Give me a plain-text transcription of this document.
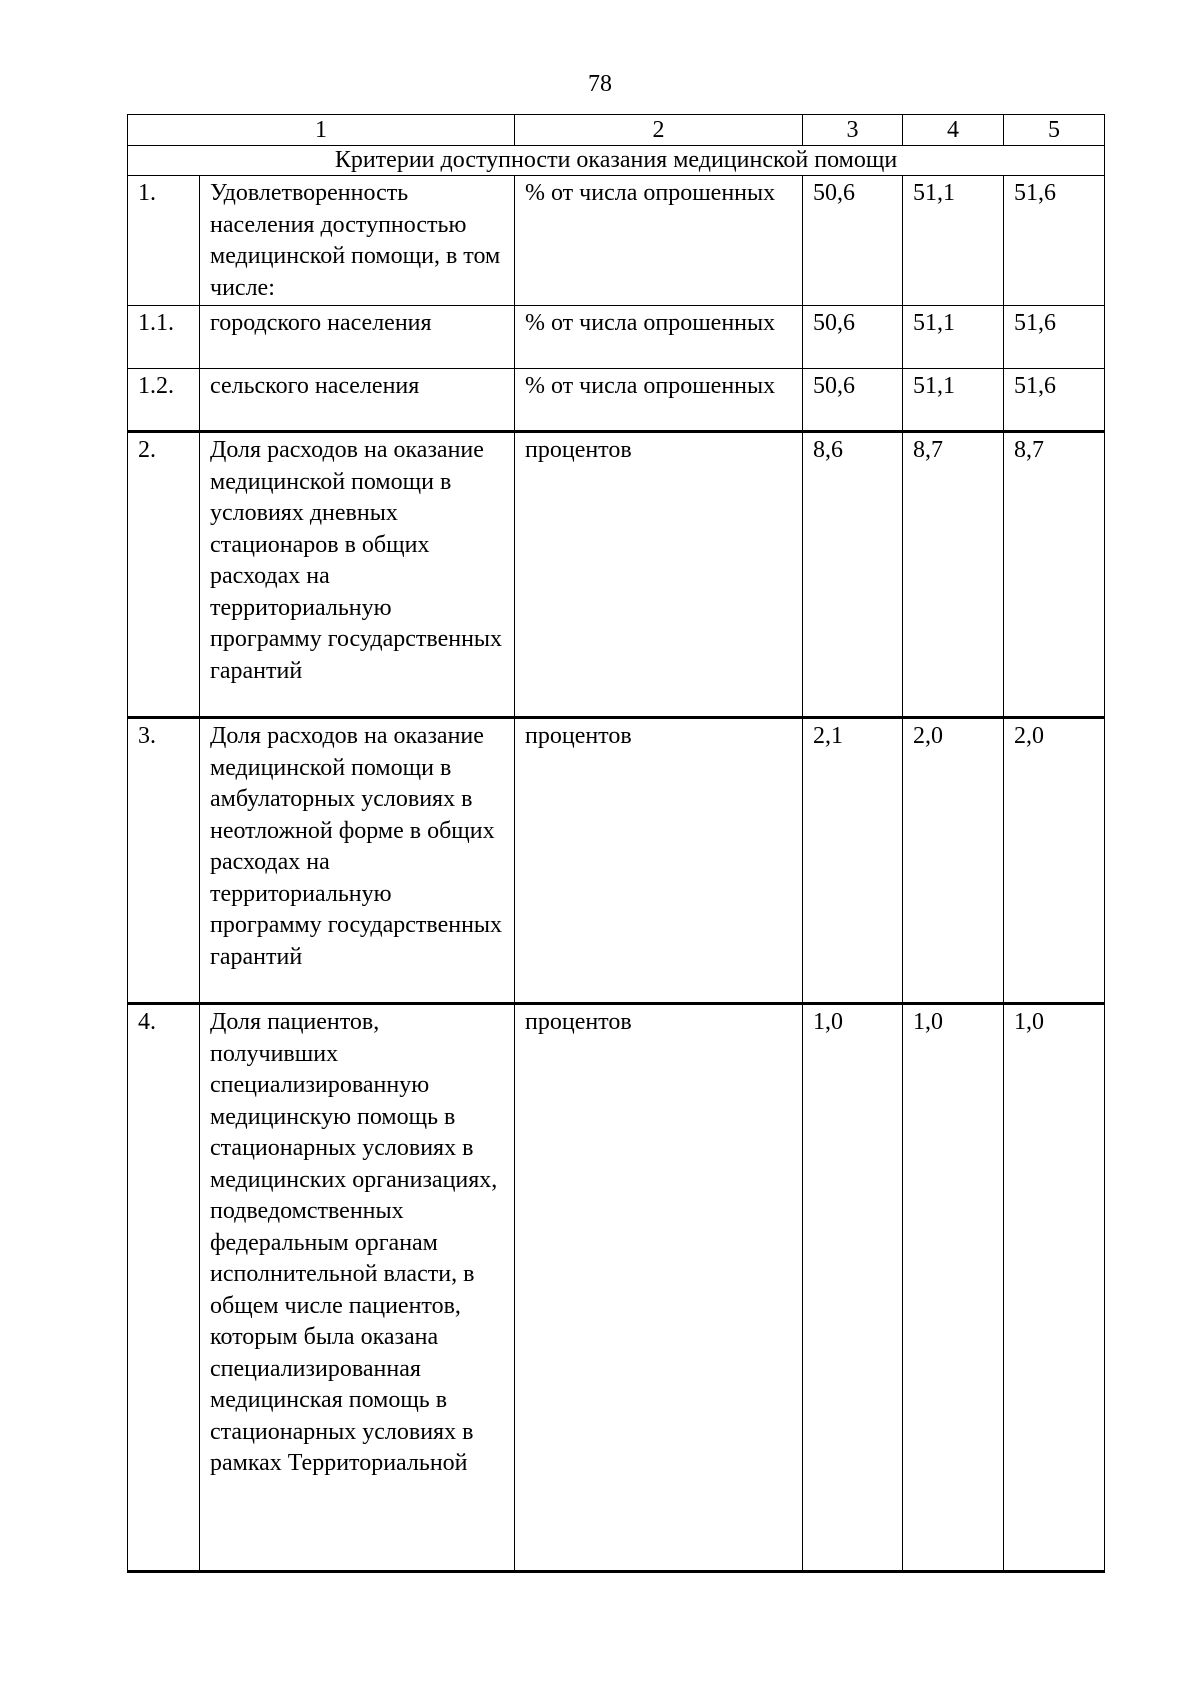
78
1		2	3	4	5
Критерии доступности оказания медицинской помощи					
1.	Удовлетворенность населения доступностью медицинской помощи, в том числе:	% от числа опрошенных	50,6	51,1	51,6
1.1.	городского населения	% от числа опрошенных	50,6	51,1	51,6
1.2.	сельского населения	% от числа опрошенных	50,6	51,1	51,6
2.	Доля расходов на оказание медицинской помощи в условиях дневных стационаров в общих расходах на территориальную программу государственных гарантий	процентов	8,6	8,7	8,7
3.	Доля расходов на оказание медицинской помощи в амбулаторных условиях в неотложной форме в общих расходах на территориальную программу государственных гарантий	процентов	2,1	2,0	2,0
4.	Доля пациентов, получивших специализированную медицинскую помощь в стационарных условиях в медицинских организациях, подведомственных федеральным органам исполнительной власти, в общем числе пациентов, которым была оказана специализированная медицинская помощь в стационарных условиях в рамках Территориальной	процентов	1,0	1,0	1,0
